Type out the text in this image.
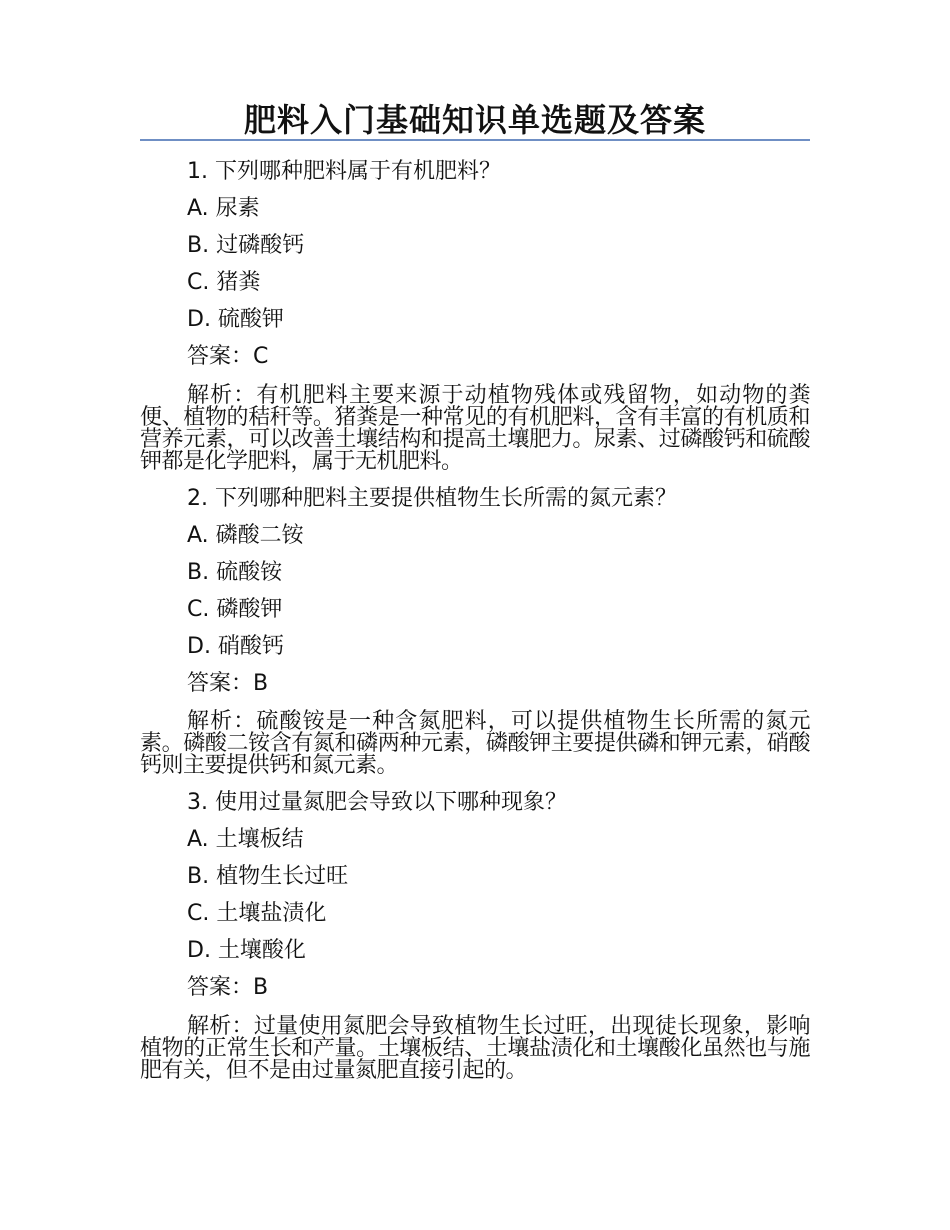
肥料入门基础知识单选题及答案
1. 下列哪种肥料属于有机肥料？
A. 尿素
B. 过磷酸钙
C. 猪粪
D. 硫酸钾
答案：C
解析：有机肥料主要来源于动植物残体或残留物，如动物的粪便、植物的秸秆等。猪粪是一种常见的有机肥料，含有丰富的有机质和营养元素，可以改善土壤结构和提高土壤肥力。尿素、过磷酸钙和硫酸钾都是化学肥料，属于无机肥料。
2. 下列哪种肥料主要提供植物生长所需的氮元素？
A. 磷酸二铵
B. 硫酸铵
C. 磷酸钾
D. 硝酸钙
答案：B
解析：硫酸铵是一种含氮肥料，可以提供植物生长所需的氮元素。磷酸二铵含有氮和磷两种元素，磷酸钾主要提供磷和钾元素，硝酸钙则主要提供钙和氮元素。
3. 使用过量氮肥会导致以下哪种现象？
A. 土壤板结
B. 植物生长过旺
C. 土壤盐渍化
D. 土壤酸化
答案：B
解析：过量使用氮肥会导致植物生长过旺，出现徒长现象，影响植物的正常生长和产量。土壤板结、土壤盐渍化和土壤酸化虽然也与施肥有关，但不是由过量氮肥直接引起的。
